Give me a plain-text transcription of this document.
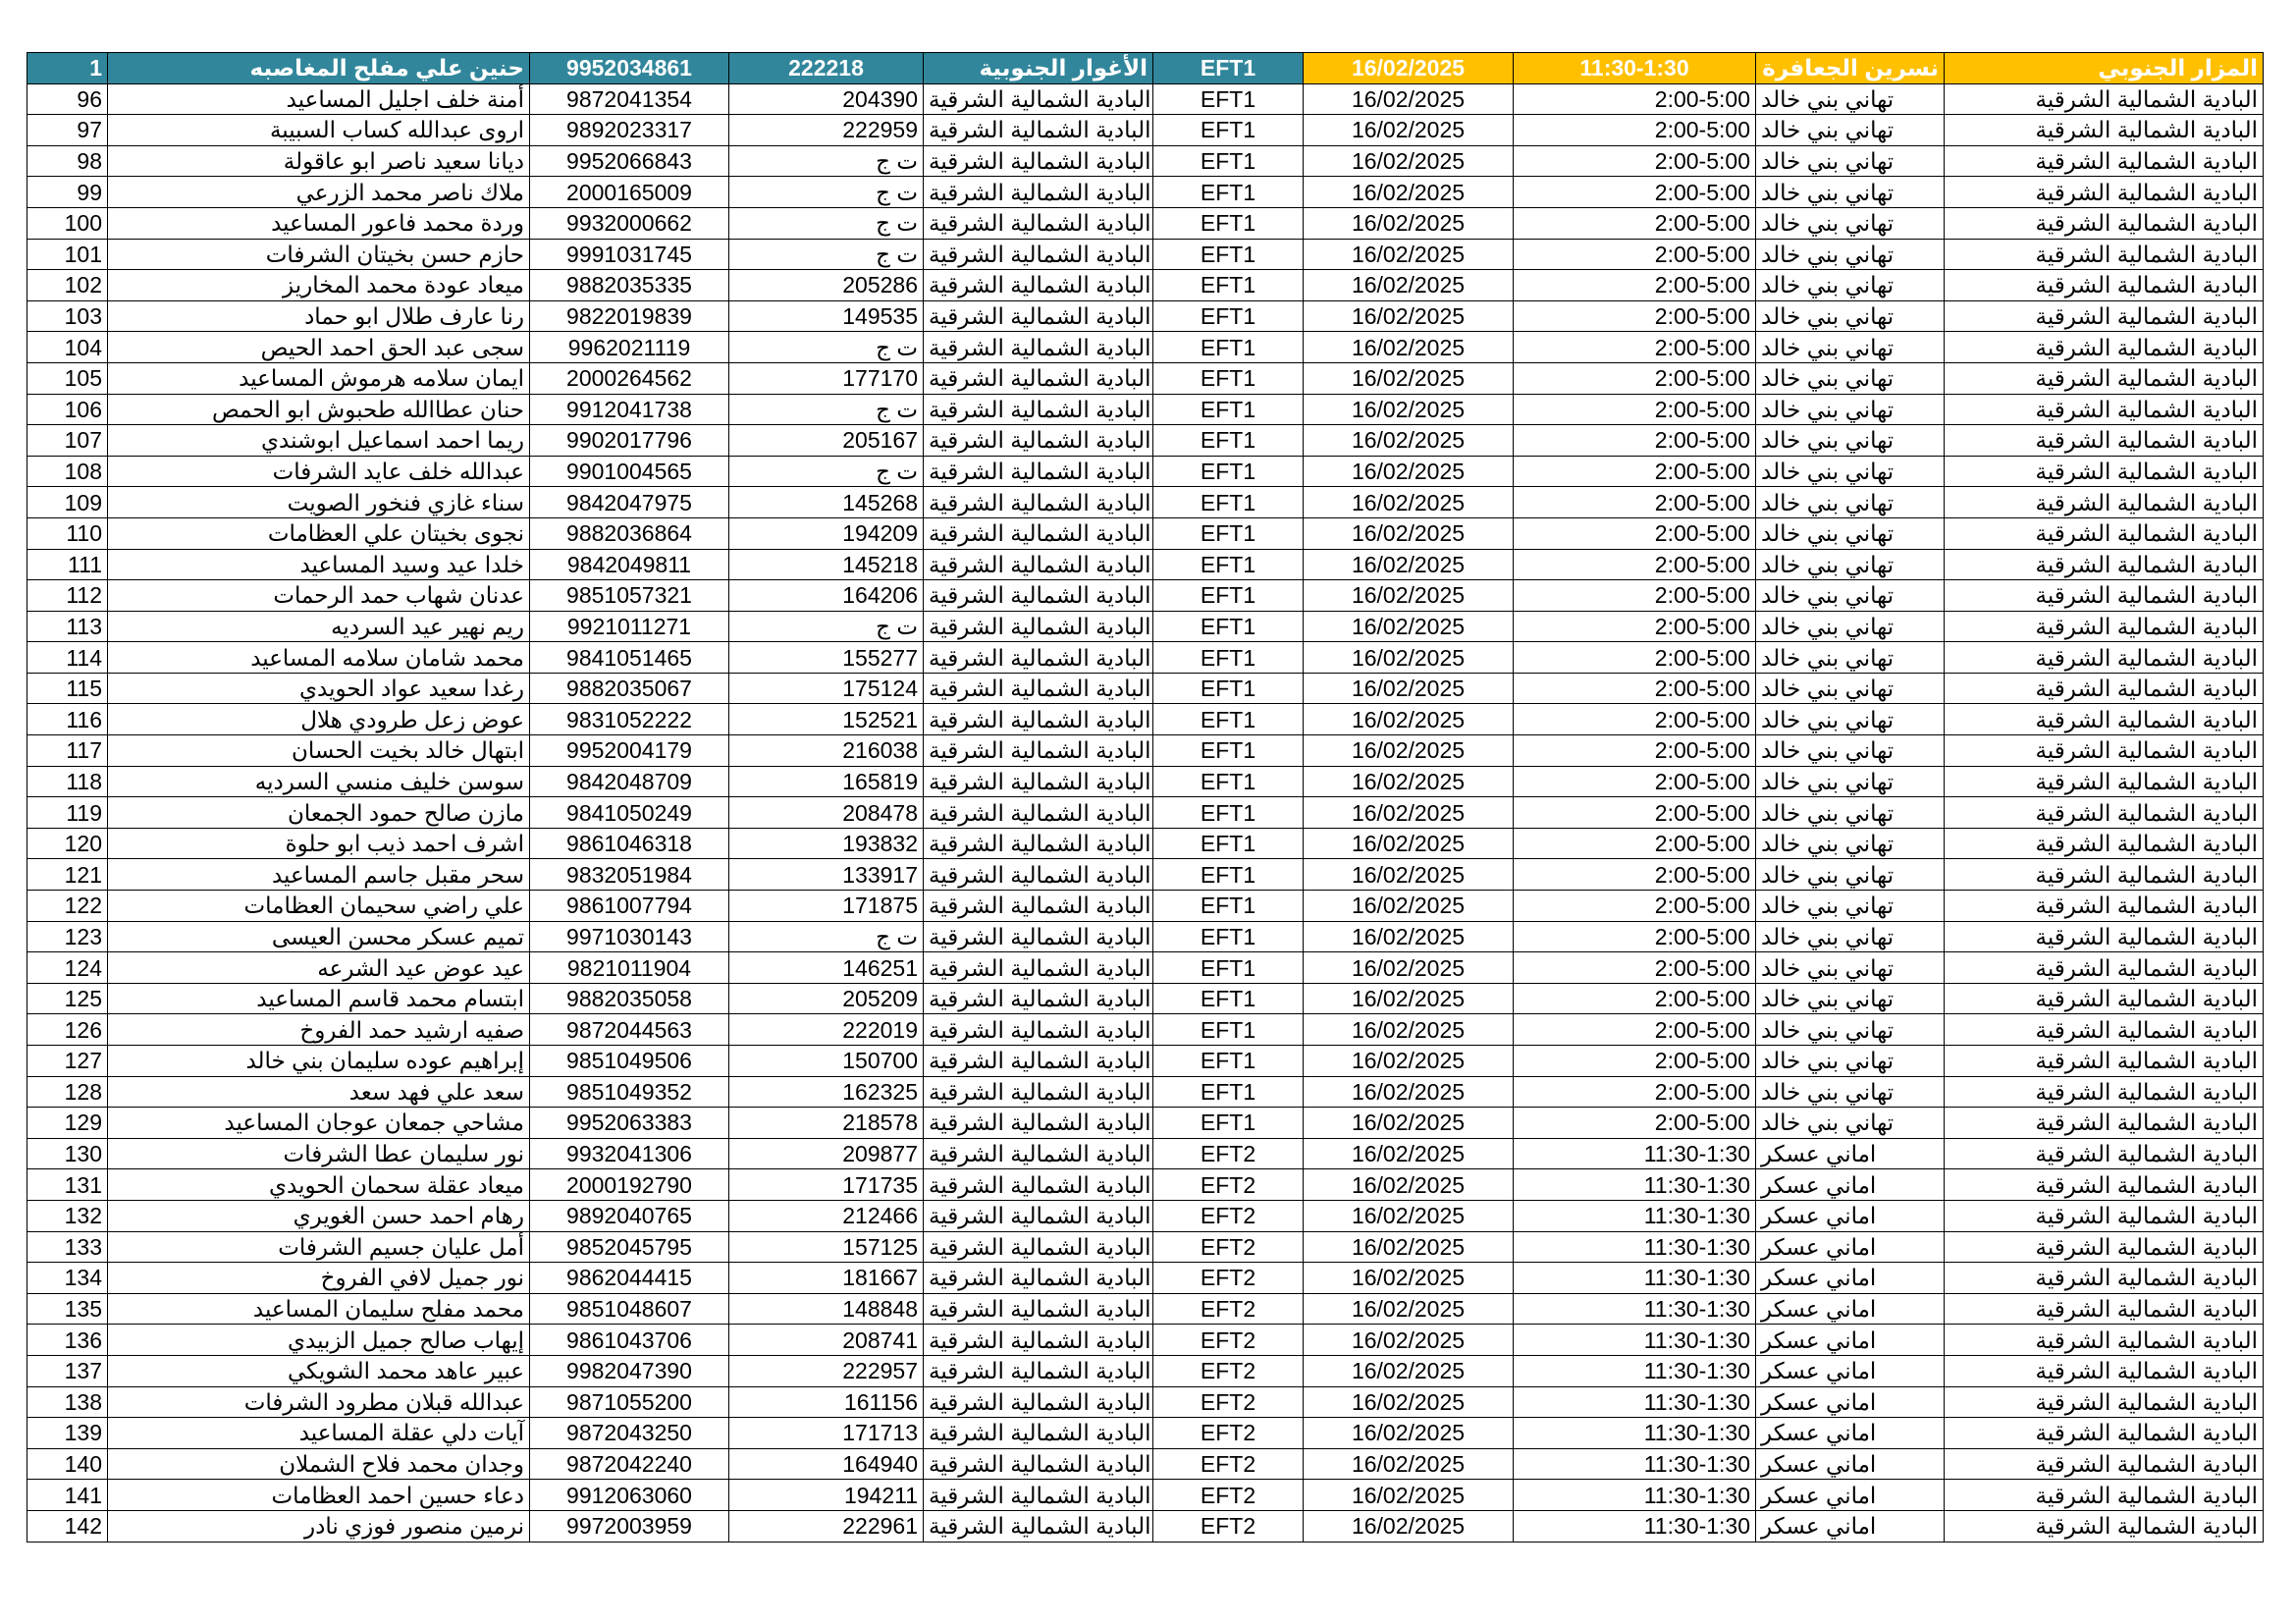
1	حنين علي مفلح المغاصبه	9952034861	222218	الأغوار الجنوبية	EFT1	16/02/2025	11:30-1:30	نسرين الجعافرة	المزار الجنوبي
96	أمنة خلف اجليل المساعيد	9872041354	204390	البادية الشمالية الشرقية	EFT1	16/02/2025	2:00-5:00	تهاني بني خالد	البادية الشمالية الشرقية
97	اروى عبدالله كساب السبيبة	9892023317	222959	البادية الشمالية الشرقية	EFT1	16/02/2025	2:00-5:00	تهاني بني خالد	البادية الشمالية الشرقية
98	ديانا سعيد ناصر ابو عاقولة	9952066843	ت ج	البادية الشمالية الشرقية	EFT1	16/02/2025	2:00-5:00	تهاني بني خالد	البادية الشمالية الشرقية
99	ملاك ناصر محمد الزرعي	2000165009	ت ج	البادية الشمالية الشرقية	EFT1	16/02/2025	2:00-5:00	تهاني بني خالد	البادية الشمالية الشرقية
100	وردة محمد فاعور المساعيد	9932000662	ت ج	البادية الشمالية الشرقية	EFT1	16/02/2025	2:00-5:00	تهاني بني خالد	البادية الشمالية الشرقية
101	حازم حسن بخيتان الشرفات	9991031745	ت ج	البادية الشمالية الشرقية	EFT1	16/02/2025	2:00-5:00	تهاني بني خالد	البادية الشمالية الشرقية
102	ميعاد عودة محمد المخاريز	9882035335	205286	البادية الشمالية الشرقية	EFT1	16/02/2025	2:00-5:00	تهاني بني خالد	البادية الشمالية الشرقية
103	رنا عارف طلال ابو حماد	9822019839	149535	البادية الشمالية الشرقية	EFT1	16/02/2025	2:00-5:00	تهاني بني خالد	البادية الشمالية الشرقية
104	سجى عبد الحق احمد الحيص	9962021119	ت ج	البادية الشمالية الشرقية	EFT1	16/02/2025	2:00-5:00	تهاني بني خالد	البادية الشمالية الشرقية
105	ايمان سلامه هرموش المساعيد	2000264562	177170	البادية الشمالية الشرقية	EFT1	16/02/2025	2:00-5:00	تهاني بني خالد	البادية الشمالية الشرقية
106	حنان عطاالله طحبوش ابو الحمص	9912041738	ت ج	البادية الشمالية الشرقية	EFT1	16/02/2025	2:00-5:00	تهاني بني خالد	البادية الشمالية الشرقية
107	ريما احمد اسماعيل ابوشندي	9902017796	205167	البادية الشمالية الشرقية	EFT1	16/02/2025	2:00-5:00	تهاني بني خالد	البادية الشمالية الشرقية
108	عبدالله خلف عايد الشرفات	9901004565	ت ج	البادية الشمالية الشرقية	EFT1	16/02/2025	2:00-5:00	تهاني بني خالد	البادية الشمالية الشرقية
109	سناء غازي فنخور الصويت	9842047975	145268	البادية الشمالية الشرقية	EFT1	16/02/2025	2:00-5:00	تهاني بني خالد	البادية الشمالية الشرقية
110	نجوى بخيتان علي العظامات	9882036864	194209	البادية الشمالية الشرقية	EFT1	16/02/2025	2:00-5:00	تهاني بني خالد	البادية الشمالية الشرقية
111	خلدا عيد وسيد المساعيد	9842049811	145218	البادية الشمالية الشرقية	EFT1	16/02/2025	2:00-5:00	تهاني بني خالد	البادية الشمالية الشرقية
112	عدنان شهاب حمد الرحمات	9851057321	164206	البادية الشمالية الشرقية	EFT1	16/02/2025	2:00-5:00	تهاني بني خالد	البادية الشمالية الشرقية
113	ريم نهير عيد السرديه	9921011271	ت ج	البادية الشمالية الشرقية	EFT1	16/02/2025	2:00-5:00	تهاني بني خالد	البادية الشمالية الشرقية
114	محمد شامان سلامه المساعيد	9841051465	155277	البادية الشمالية الشرقية	EFT1	16/02/2025	2:00-5:00	تهاني بني خالد	البادية الشمالية الشرقية
115	رغدا سعيد عواد الحويدي	9882035067	175124	البادية الشمالية الشرقية	EFT1	16/02/2025	2:00-5:00	تهاني بني خالد	البادية الشمالية الشرقية
116	عوض زعل طرودي هلال	9831052222	152521	البادية الشمالية الشرقية	EFT1	16/02/2025	2:00-5:00	تهاني بني خالد	البادية الشمالية الشرقية
117	ابتهال خالد بخيت الحسان	9952004179	216038	البادية الشمالية الشرقية	EFT1	16/02/2025	2:00-5:00	تهاني بني خالد	البادية الشمالية الشرقية
118	سوسن خليف منسي السرديه	9842048709	165819	البادية الشمالية الشرقية	EFT1	16/02/2025	2:00-5:00	تهاني بني خالد	البادية الشمالية الشرقية
119	مازن صالح حمود الجمعان	9841050249	208478	البادية الشمالية الشرقية	EFT1	16/02/2025	2:00-5:00	تهاني بني خالد	البادية الشمالية الشرقية
120	اشرف احمد ذيب ابو حلوة	9861046318	193832	البادية الشمالية الشرقية	EFT1	16/02/2025	2:00-5:00	تهاني بني خالد	البادية الشمالية الشرقية
121	سحر مقبل جاسم المساعيد	9832051984	133917	البادية الشمالية الشرقية	EFT1	16/02/2025	2:00-5:00	تهاني بني خالد	البادية الشمالية الشرقية
122	علي راضي سحيمان العظامات	9861007794	171875	البادية الشمالية الشرقية	EFT1	16/02/2025	2:00-5:00	تهاني بني خالد	البادية الشمالية الشرقية
123	تميم عسكر محسن العيسى	9971030143	ت ج	البادية الشمالية الشرقية	EFT1	16/02/2025	2:00-5:00	تهاني بني خالد	البادية الشمالية الشرقية
124	عيد عوض عيد الشرعه	9821011904	146251	البادية الشمالية الشرقية	EFT1	16/02/2025	2:00-5:00	تهاني بني خالد	البادية الشمالية الشرقية
125	ابتسام محمد قاسم المساعيد	9882035058	205209	البادية الشمالية الشرقية	EFT1	16/02/2025	2:00-5:00	تهاني بني خالد	البادية الشمالية الشرقية
126	صفيه ارشيد حمد الفروخ	9872044563	222019	البادية الشمالية الشرقية	EFT1	16/02/2025	2:00-5:00	تهاني بني خالد	البادية الشمالية الشرقية
127	إبراهيم عوده سليمان بني خالد	9851049506	150700	البادية الشمالية الشرقية	EFT1	16/02/2025	2:00-5:00	تهاني بني خالد	البادية الشمالية الشرقية
128	سعد علي فهد سعد	9851049352	162325	البادية الشمالية الشرقية	EFT1	16/02/2025	2:00-5:00	تهاني بني خالد	البادية الشمالية الشرقية
129	مشاحي جمعان عوجان المساعيد	9952063383	218578	البادية الشمالية الشرقية	EFT1	16/02/2025	2:00-5:00	تهاني بني خالد	البادية الشمالية الشرقية
130	نور سليمان عطا الشرفات	9932041306	209877	البادية الشمالية الشرقية	EFT2	16/02/2025	11:30-1:30	اماني عسكر	البادية الشمالية الشرقية
131	ميعاد عقلة سحمان الحويدي	2000192790	171735	البادية الشمالية الشرقية	EFT2	16/02/2025	11:30-1:30	اماني عسكر	البادية الشمالية الشرقية
132	رهام احمد حسن الغويري	9892040765	212466	البادية الشمالية الشرقية	EFT2	16/02/2025	11:30-1:30	اماني عسكر	البادية الشمالية الشرقية
133	أمل عليان جسيم الشرفات	9852045795	157125	البادية الشمالية الشرقية	EFT2	16/02/2025	11:30-1:30	اماني عسكر	البادية الشمالية الشرقية
134	نور جميل لافي الفروخ	9862044415	181667	البادية الشمالية الشرقية	EFT2	16/02/2025	11:30-1:30	اماني عسكر	البادية الشمالية الشرقية
135	محمد مفلح سليمان المساعيد	9851048607	148848	البادية الشمالية الشرقية	EFT2	16/02/2025	11:30-1:30	اماني عسكر	البادية الشمالية الشرقية
136	إيهاب صالح جميل الزبيدي	9861043706	208741	البادية الشمالية الشرقية	EFT2	16/02/2025	11:30-1:30	اماني عسكر	البادية الشمالية الشرقية
137	عبير عاهد محمد الشويكي	9982047390	222957	البادية الشمالية الشرقية	EFT2	16/02/2025	11:30-1:30	اماني عسكر	البادية الشمالية الشرقية
138	عبدالله قبلان مطرود الشرفات	9871055200	161156	البادية الشمالية الشرقية	EFT2	16/02/2025	11:30-1:30	اماني عسكر	البادية الشمالية الشرقية
139	آيات دلي عقلة المساعيد	9872043250	171713	البادية الشمالية الشرقية	EFT2	16/02/2025	11:30-1:30	اماني عسكر	البادية الشمالية الشرقية
140	وجدان محمد فلاح الشملان	9872042240	164940	البادية الشمالية الشرقية	EFT2	16/02/2025	11:30-1:30	اماني عسكر	البادية الشمالية الشرقية
141	دعاء حسين احمد العظامات	9912063060	194211	البادية الشمالية الشرقية	EFT2	16/02/2025	11:30-1:30	اماني عسكر	البادية الشمالية الشرقية
142	نرمين منصور فوزي نادر	9972003959	222961	البادية الشمالية الشرقية	EFT2	16/02/2025	11:30-1:30	اماني عسكر	البادية الشمالية الشرقية
